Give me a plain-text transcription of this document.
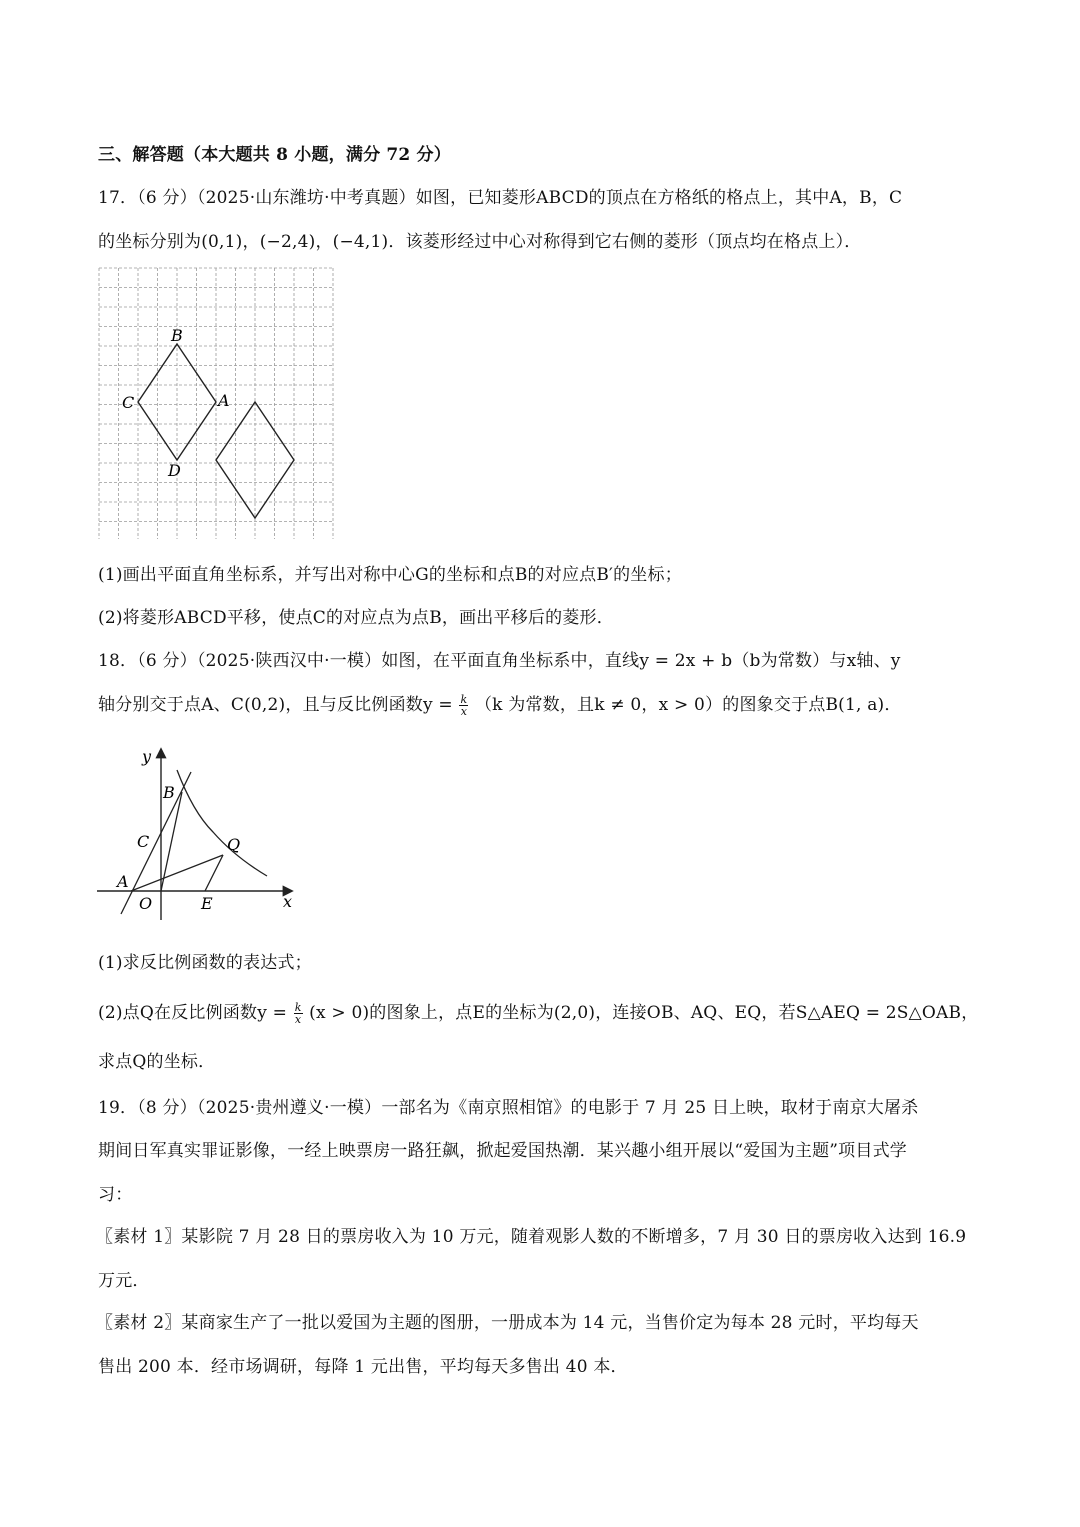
三、解答题（本大题共 8 小题，满分 72 分）
17．（6 分）（2025·山东潍坊·中考真题）如图，已知菱形ABCD的顶点在方格纸的格点上，其中A，B，C
的坐标分别为(0,1)，(−2,4)，(−4,1)．该菱形经过中心对称得到它右侧的菱形（顶点均在格点上）．
B
C	A
D
(1)画出平面直角坐标系，并写出对称中心G的坐标和点B的对应点B′的坐标；
(2)将菱形ABCD平移，使点C的对应点为点B，画出平移后的菱形．
18．（6 分）（2025·陕西汉中·一模）如图，在平面直角坐标系中，直线y = 2x + b（b为常数）与x轴、y
轴分别交于点A、C(0,2)，且与反比例函数$y = \frac{k}{x} (k$ 为常数，且k ≠ 0，x > 0）的图象交于点B(1, a)．
y
x
B
C	Q
A
O	E
(1)求反比例函数的表达式；
(2)点Q在反比例函数$y = \frac{k}{x} (x > 0)$的图象上，点E的坐标为(2,0)，连接OB、AQ、EQ，若S△AEQ = 2S△OAB，
求点Q的坐标．
19．（8 分）（2025·贵州遵义·一模）一部名为《南京照相馆》的电影于 7 月 25 日上映，取材于南京大屠杀
期间日军真实罪证影像，一经上映票房一路狂飙，掀起爱国热潮．某兴趣小组开展以“爱国为主题”项目式学
习：
〖素材 1〗某影院 7 月 28 日的票房收入为 10 万元，随着观影人数的不断增多，7 月 30 日的票房收入达到 16.9
万元．
〖素材 2〗某商家生产了一批以爱国为主题的图册，一册成本为 14 元，当售价定为每本 28 元时，平均每天
售出 200 本．经市场调研，每降 1 元出售，平均每天多售出 40 本．
